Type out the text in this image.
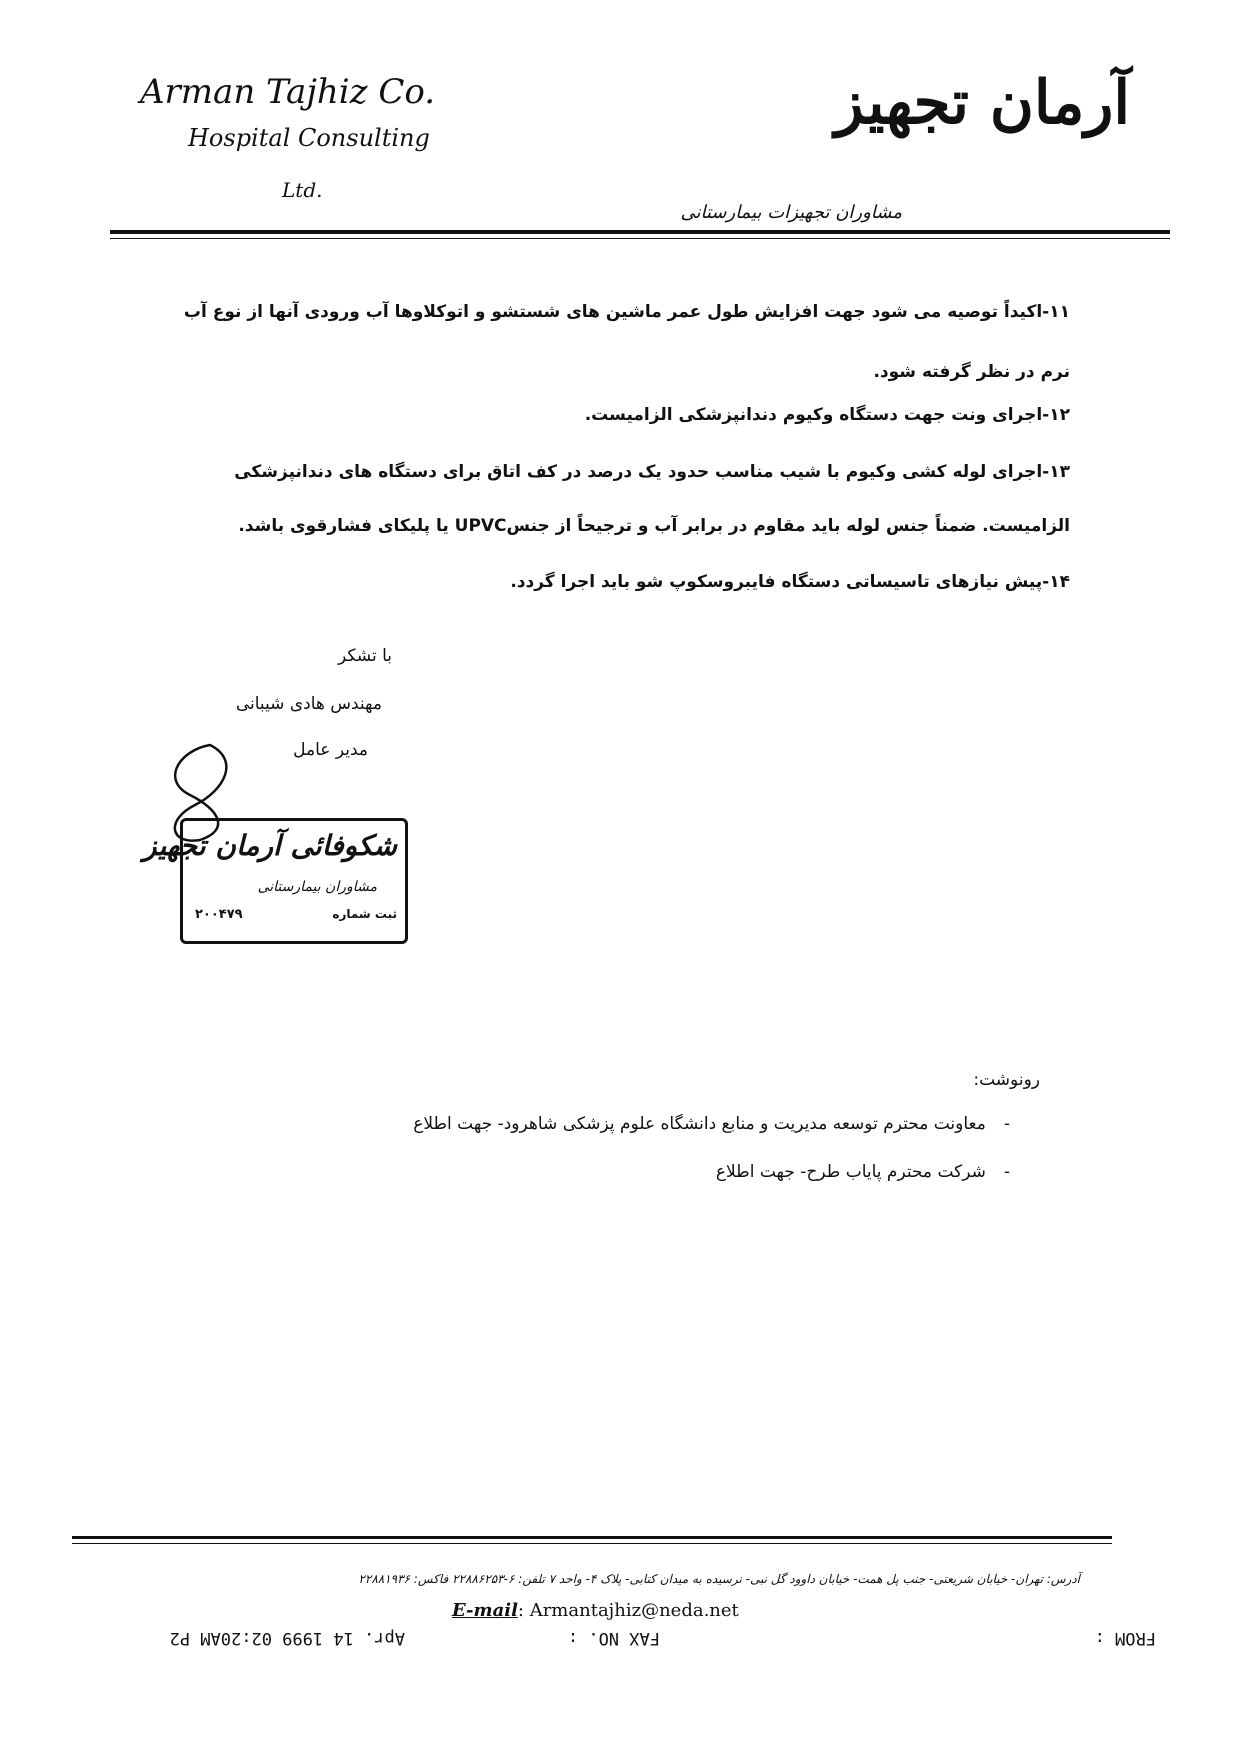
Arman Tajhiz Co.
Hospital Consulting
Ltd.
آرمان تجهیز
مشاوران تجهیزات بیمارستانی
۱۱-اکیداً توصیه می شود جهت افزایش طول عمر ماشین های شستشو و اتوکلاوها آب ورودی آنها از نوع آب
نرم در نظر گرفته شود.
۱۲-اجرای ونت جهت دستگاه وکیوم دندانپزشکی الزامیست.
۱۳-اجرای لوله کشی وکیوم با شیب مناسب حدود یک درصد در کف اتاق برای دستگاه های دندانپزشکی
الزامیست. ضمناً جنس لوله باید مقاوم در برابر آب و ترجیحاً از جنسUPVC یا پلیکای فشارقوی باشد.
۱۴-پیش نیازهای تاسیساتی دستگاه فایبروسکوپ شو باید اجرا گردد.
با تشکر
مهندس هادی شیبانی
مدیر عامل
شکوفائی آرمان تجهیز
مشاوران بیمارستانی
ثبت شماره
۲۰۰۴۷۹
رونوشت:
-
معاونت محترم توسعه مدیریت و منابع دانشگاه علوم پزشکی شاهرود- جهت اطلاع
-
شرکت محترم پایاب طرح- جهت اطلاع
آدرس: تهران- خیابان شریعتی- جنب پل همت- خیابان داوود گل نبی- نرسیده به میدان کتابی- پلاک ۴- واحد ۷ تلفن: ۶-۲۲۸۸۶۲۵۳ فاکس: ۲۲۸۸۱۹۳۶
E-mail: Armantajhiz@neda.net
FROM :
FAX NO. :
Apr. 14 1999 02:20AM P2
